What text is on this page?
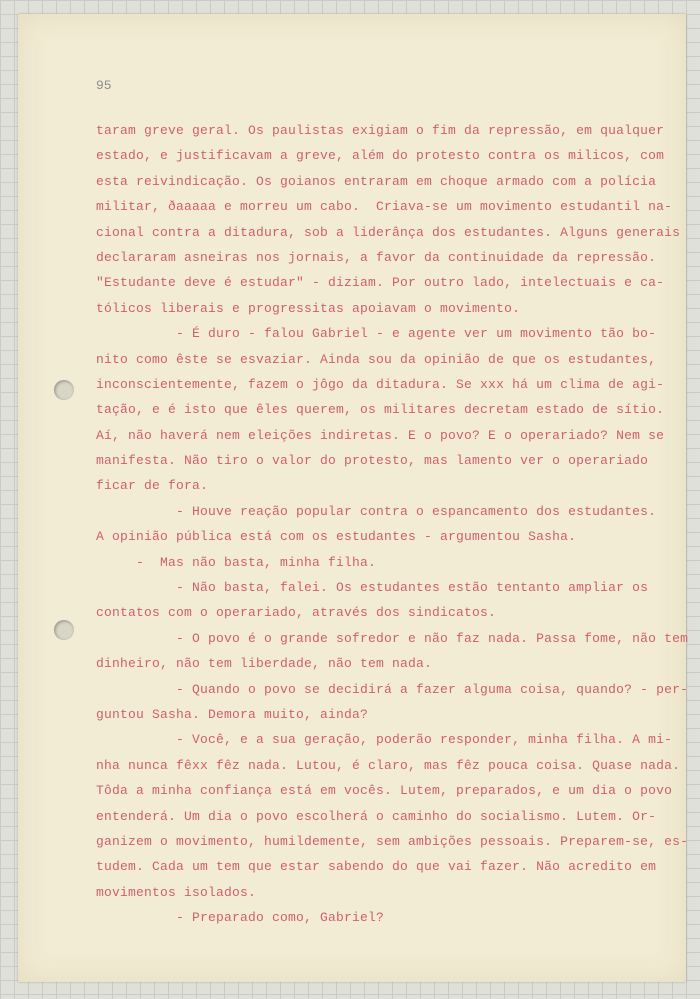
95
taram greve geral. Os paulistas exigiam o fim da repressão, em qualquer
estado, e justificavam a greve, além do protesto contra os milicos, com
esta reivindicação. Os goianos entraram em choque armado com a polícia
militar, ðaaaaa e morreu um cabo.  Criava-se um movimento estudantil na-
cional contra a ditadura, sob a liderânça dos estudantes. Alguns generais
declararam asneiras nos jornais, a favor da continuidade da repressão.
"Estudante deve é estudar" - diziam. Por outro lado, intelectuais e ca-
tólicos liberais e progressitas apoiavam o movimento.
- É duro - falou Gabriel - e agente ver um movimento tão bo-
nito como êste se esvaziar. Ainda sou da opinião de que os estudantes,
inconscientemente, fazem o jôgo da ditadura. Se xxx há um clima de agi-
tação, e é isto que êles querem, os militares decretam estado de sítio.
Aí, não haverá nem eleições indiretas. E o povo? E o operariado? Nem se
manifesta. Não tiro o valor do protesto, mas lamento ver o operariado
ficar de fora.
- Houve reação popular contra o espancamento dos estudantes.
A opinião pública está com os estudantes - argumentou Sasha.
-  Mas não basta, minha filha.
- Não basta, falei. Os estudantes estão tentanto ampliar os
contatos com o operariado, através dos sindicatos.
- O povo é o grande sofredor e não faz nada. Passa fome, não tem
dinheiro, não tem liberdade, não tem nada.
- Quando o povo se decidirá a fazer alguma coisa, quando? - per-
guntou Sasha. Demora muito, ainda?
- Você, e a sua geração, poderão responder, minha filha. A mi-
nha nunca fêxx fêz nada. Lutou, é claro, mas fêz pouca coisa. Quase nada.
Tôda a minha confiança está em vocês. Lutem, preparados, e um dia o povo
entenderá. Um dia o povo escolherá o caminho do socialismo. Lutem. Or-
ganizem o movimento, humildemente, sem ambições pessoais. Preparem-se, es-
tudem. Cada um tem que estar sabendo do que vai fazer. Não acredito em
movimentos isolados.
- Preparado como, Gabriel?
